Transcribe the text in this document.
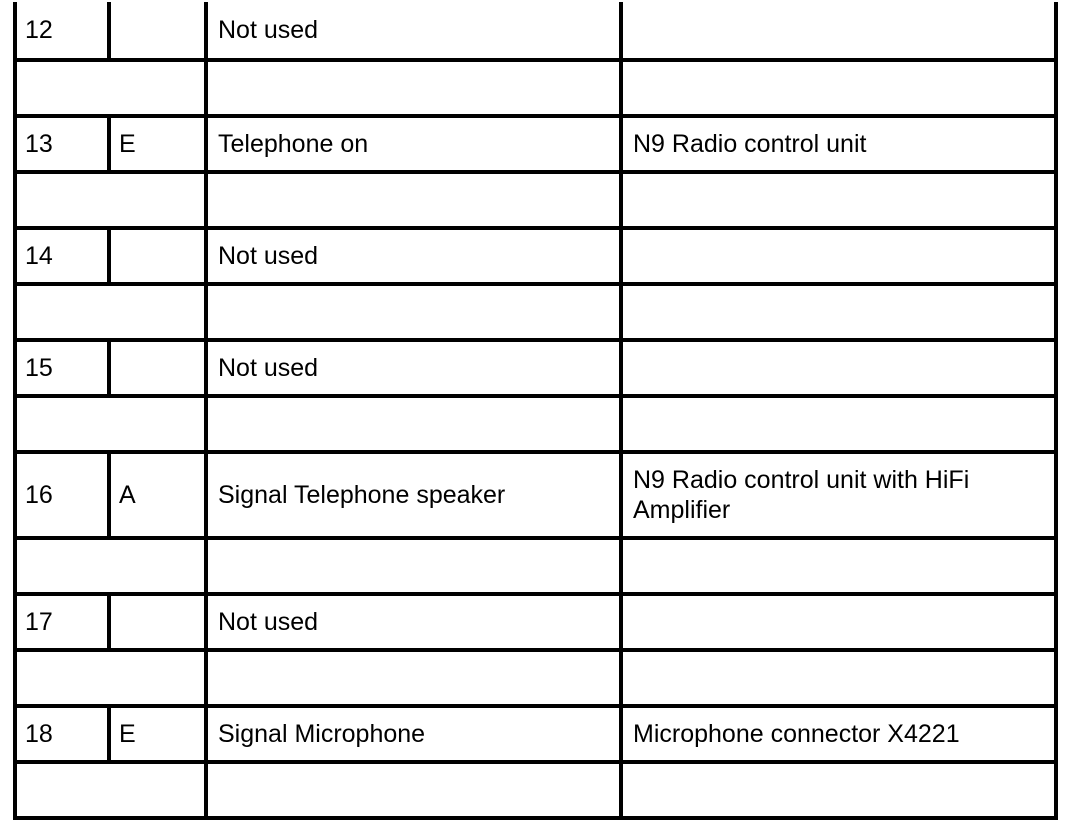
12		Not used	

13	E	Telephone on	N9 Radio control unit

14		Not used	

15		Not used	

16	A	Signal Telephone speaker	N9 Radio control unit with HiFi Amplifier

17		Not used	

18	E	Signal Microphone	Microphone connector X4221
